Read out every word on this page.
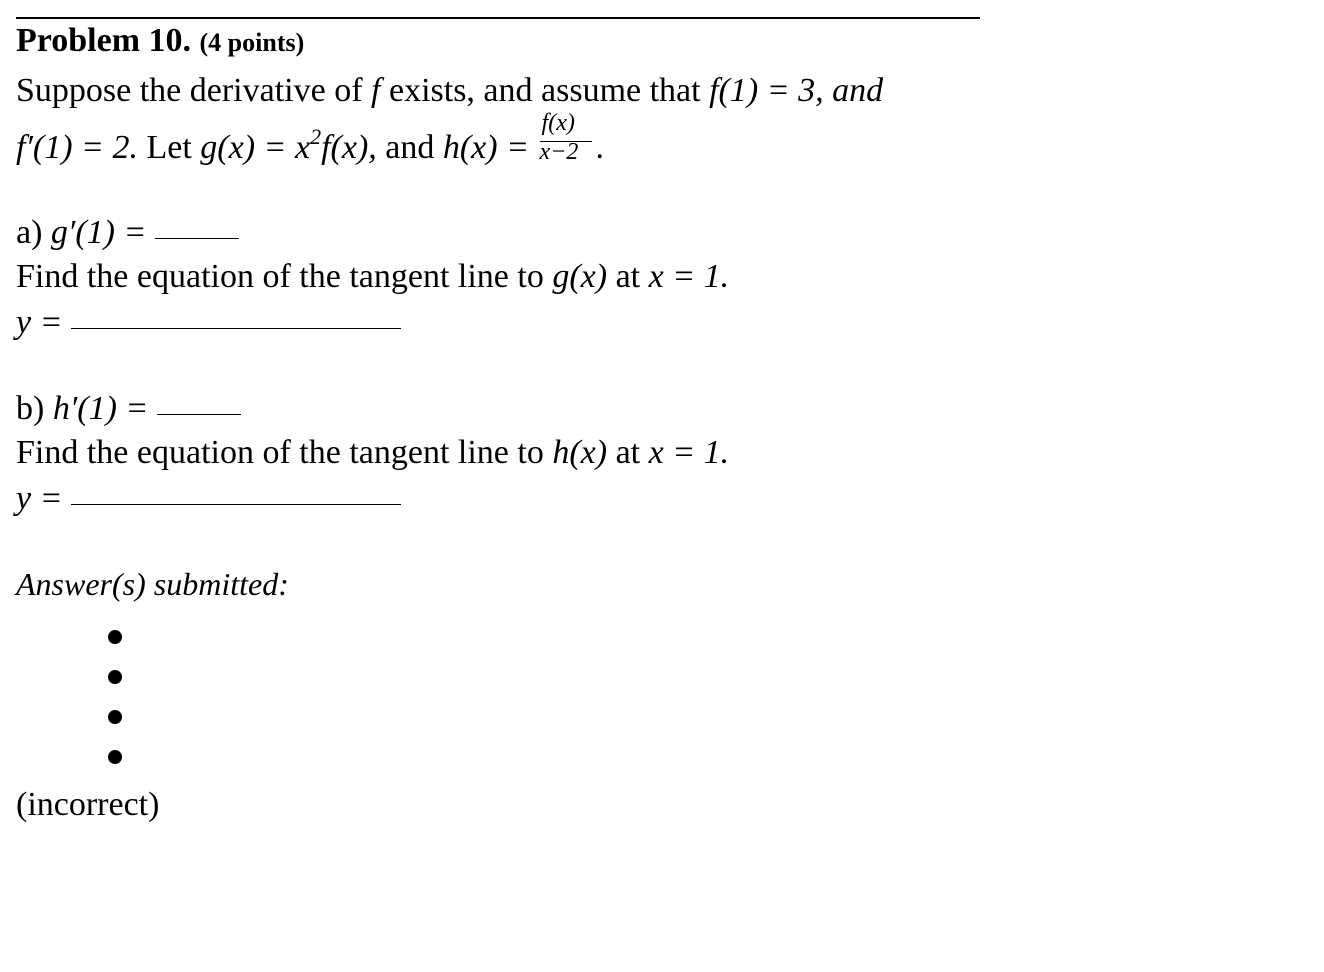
Problem 10. (4 points)
Suppose the derivative of f exists, and assume that f(1) = 3, and
f′(1) = 2. Let $g(x) = x^2f(x)$, and $h(x) = \frac{f(x)}{x-2}$ .
a) g′(1) =
Find the equation of the tangent line to g(x) at x = 1.
y =
b) h′(1) =
Find the equation of the tangent line to h(x) at x = 1.
y =
Answer(s) submitted:
(incorrect)
